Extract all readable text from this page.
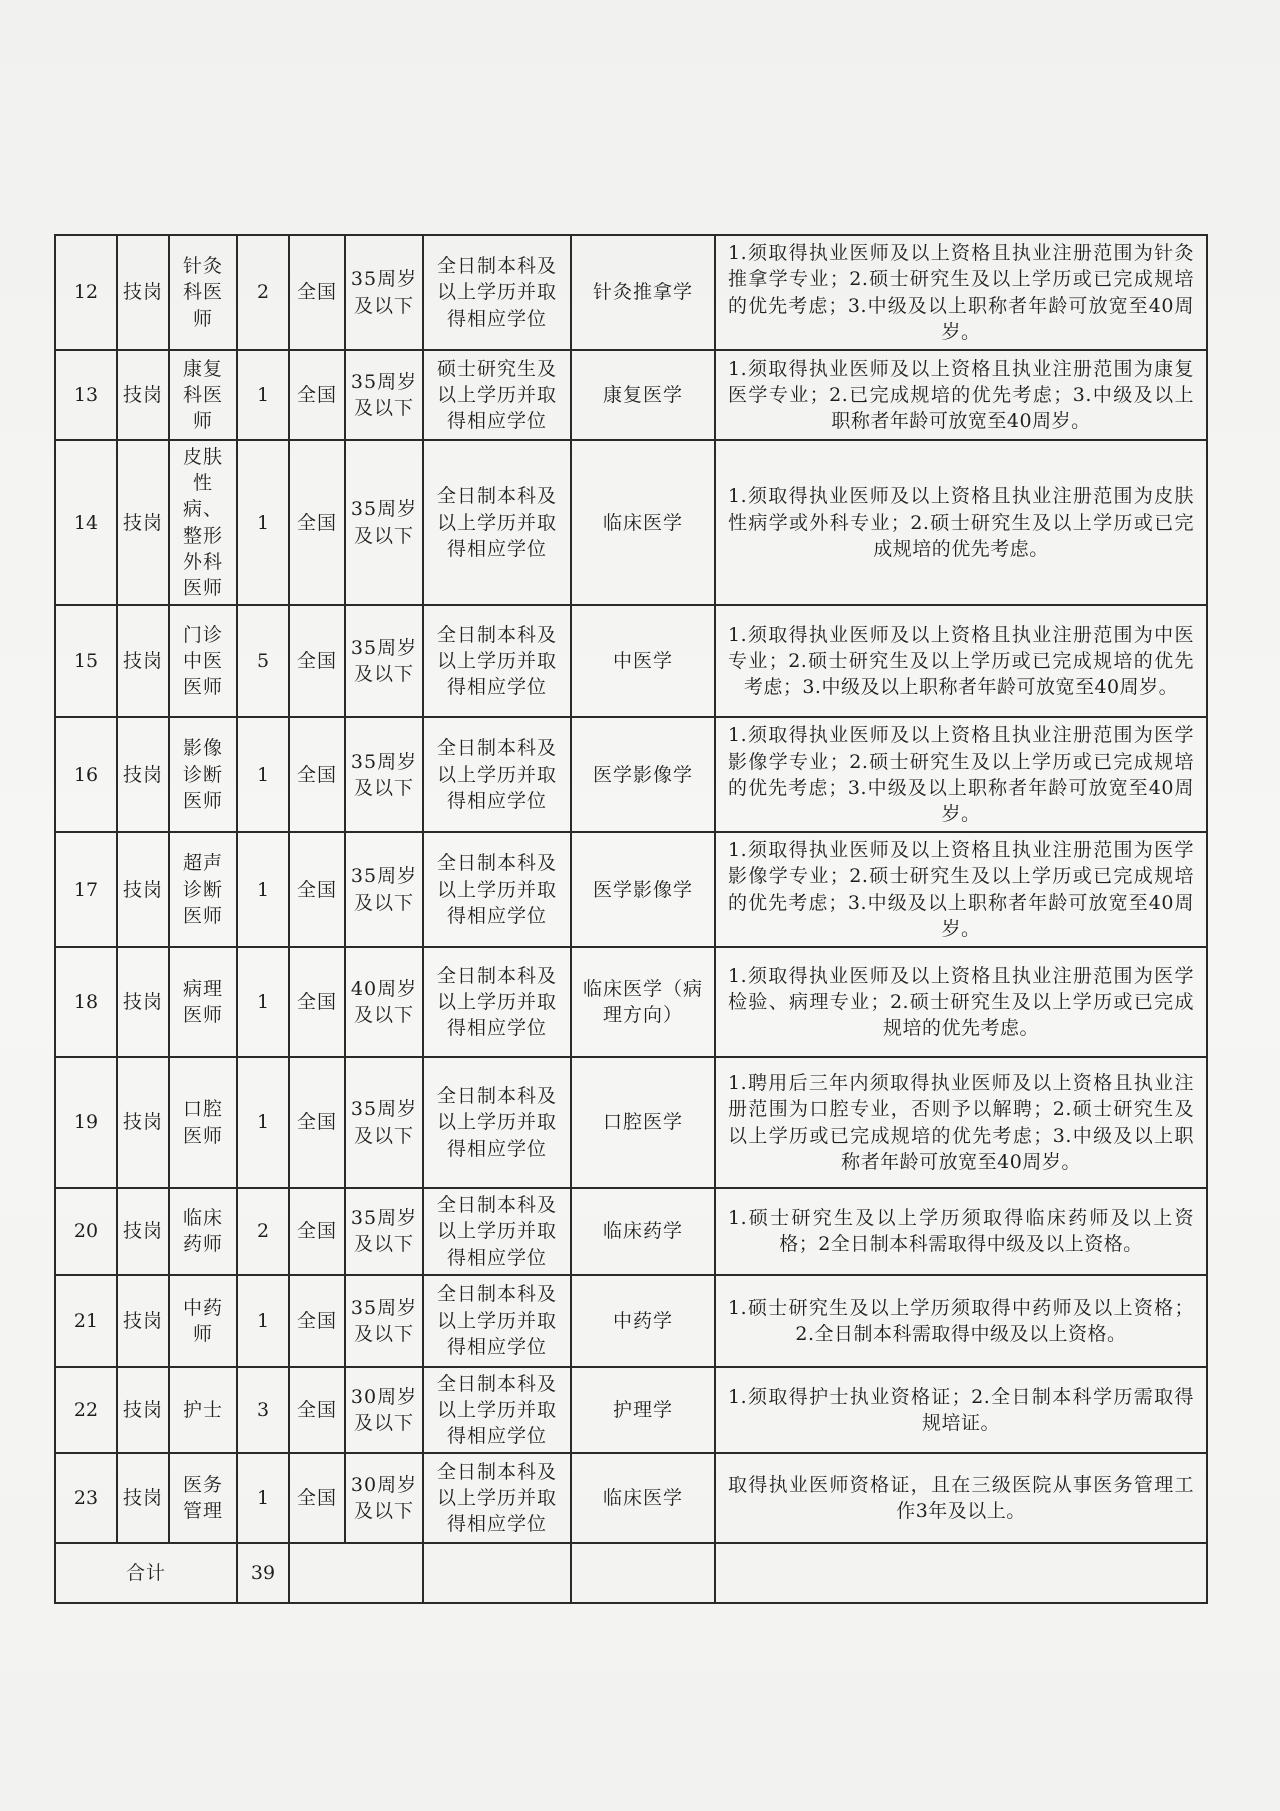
12	技岗	针灸科医师	2	全国	35周岁及以下	全日制本科及以上学历并取得相应学位	针灸推拿学	1.须取得执业医师及以上资格且执业注册范围为针灸推拿学专业；2.硕士研究生及以上学历或已完成规培的优先考虑；3.中级及以上职称者年龄可放宽至40周岁。
13	技岗	康复科医师	1	全国	35周岁及以下	硕士研究生及以上学历并取得相应学位	康复医学	1.须取得执业医师及以上资格且执业注册范围为康复医学专业；2.已完成规培的优先考虑；3.中级及以上职称者年龄可放宽至40周岁。
14	技岗	皮肤性病、整形外科医师	1	全国	35周岁及以下	全日制本科及以上学历并取得相应学位	临床医学	1.须取得执业医师及以上资格且执业注册范围为皮肤性病学或外科专业；2.硕士研究生及以上学历或已完成规培的优先考虑。
15	技岗	门诊中医医师	5	全国	35周岁及以下	全日制本科及以上学历并取得相应学位	中医学	1.须取得执业医师及以上资格且执业注册范围为中医专业；2.硕士研究生及以上学历或已完成规培的优先考虑；3.中级及以上职称者年龄可放宽至40周岁。
16	技岗	影像诊断医师	1	全国	35周岁及以下	全日制本科及以上学历并取得相应学位	医学影像学	1.须取得执业医师及以上资格且执业注册范围为医学影像学专业；2.硕士研究生及以上学历或已完成规培的优先考虑；3.中级及以上职称者年龄可放宽至40周岁。
17	技岗	超声诊断医师	1	全国	35周岁及以下	全日制本科及以上学历并取得相应学位	医学影像学	1.须取得执业医师及以上资格且执业注册范围为医学影像学专业；2.硕士研究生及以上学历或已完成规培的优先考虑；3.中级及以上职称者年龄可放宽至40周岁。
18	技岗	病理医师	1	全国	40周岁及以下	全日制本科及以上学历并取得相应学位	临床医学（病理方向）	1.须取得执业医师及以上资格且执业注册范围为医学检验、病理专业；2.硕士研究生及以上学历或已完成规培的优先考虑。
19	技岗	口腔医师	1	全国	35周岁及以下	全日制本科及以上学历并取得相应学位	口腔医学	1.聘用后三年内须取得执业医师及以上资格且执业注册范围为口腔专业，否则予以解聘；2.硕士研究生及以上学历或已完成规培的优先考虑；3.中级及以上职称者年龄可放宽至40周岁。
20	技岗	临床药师	2	全国	35周岁及以下	全日制本科及以上学历并取得相应学位	临床药学	1.硕士研究生及以上学历须取得临床药师及以上资格；2全日制本科需取得中级及以上资格。
21	技岗	中药师	1	全国	35周岁及以下	全日制本科及以上学历并取得相应学位	中药学	1.硕士研究生及以上学历须取得中药师及以上资格；2.全日制本科需取得中级及以上资格。
22	技岗	护士	3	全国	30周岁及以下	全日制本科及以上学历并取得相应学位	护理学	1.须取得护士执业资格证；2.全日制本科学历需取得规培证。
23	技岗	医务管理	1	全国	30周岁及以下	全日制本科及以上学历并取得相应学位	临床医学	取得执业医师资格证，且在三级医院从事医务管理工作3年及以上。
合计			39					
